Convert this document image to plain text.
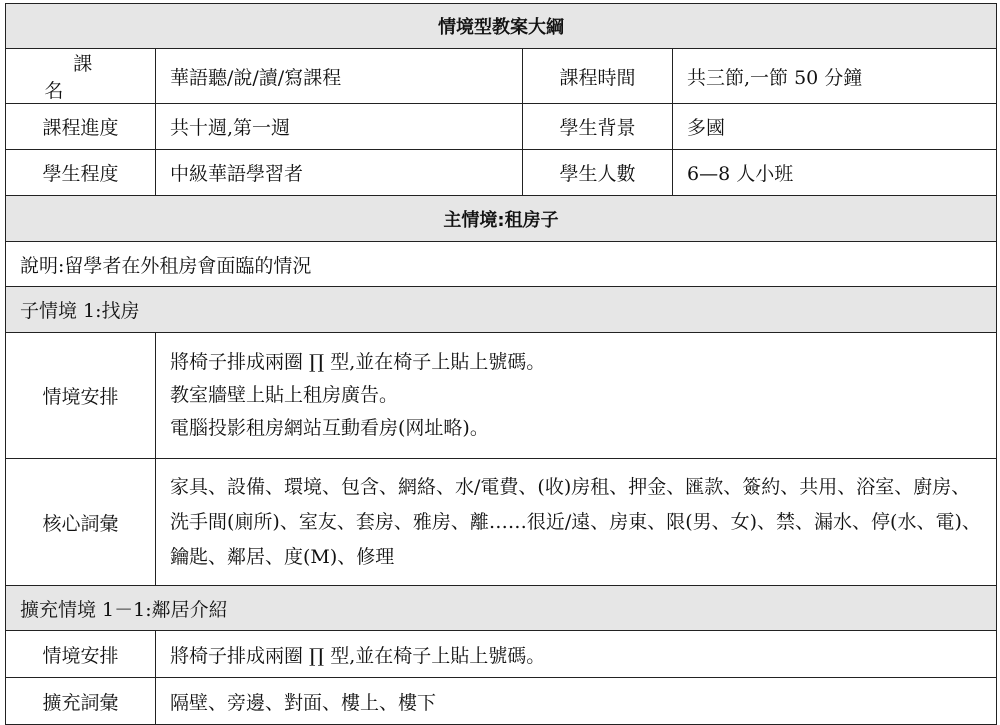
情境型教案大綱			
課 名	華語聽/說/讀/寫課程	課程時間	共三節,一節 50 分鐘
課程進度	共十週,第一週	學生背景	多國
學生程度	中級華語學習者	學生人數	6—8 人小班
主情境:租房子			
說明:留學者在外租房會面臨的情況			
子情境 1:找房			
情境安排	將椅子排成兩圈 ∏ 型,並在椅子上貼上號碼。
教室牆壁上貼上租房廣告。
電腦投影租房網站互動看房(网址略)。		

核心詞彙	家具、設備、環境、包含、網絡、水/電費、(收)房租、押金、匯款、簽約、共用、浴室、廚房、洗手間(廁所)、室友、套房、雅房、離……很近/遠、房東、限(男、女)、禁、漏水、停(水、電)、鑰匙、鄰居、度(M)、修理		
擴充情境 1－1:鄰居介紹			
情境安排	將椅子排成兩圈 ∏ 型,並在椅子上貼上號碼。		
擴充詞彙	隔壁、旁邊、對面、樓上、樓下		
